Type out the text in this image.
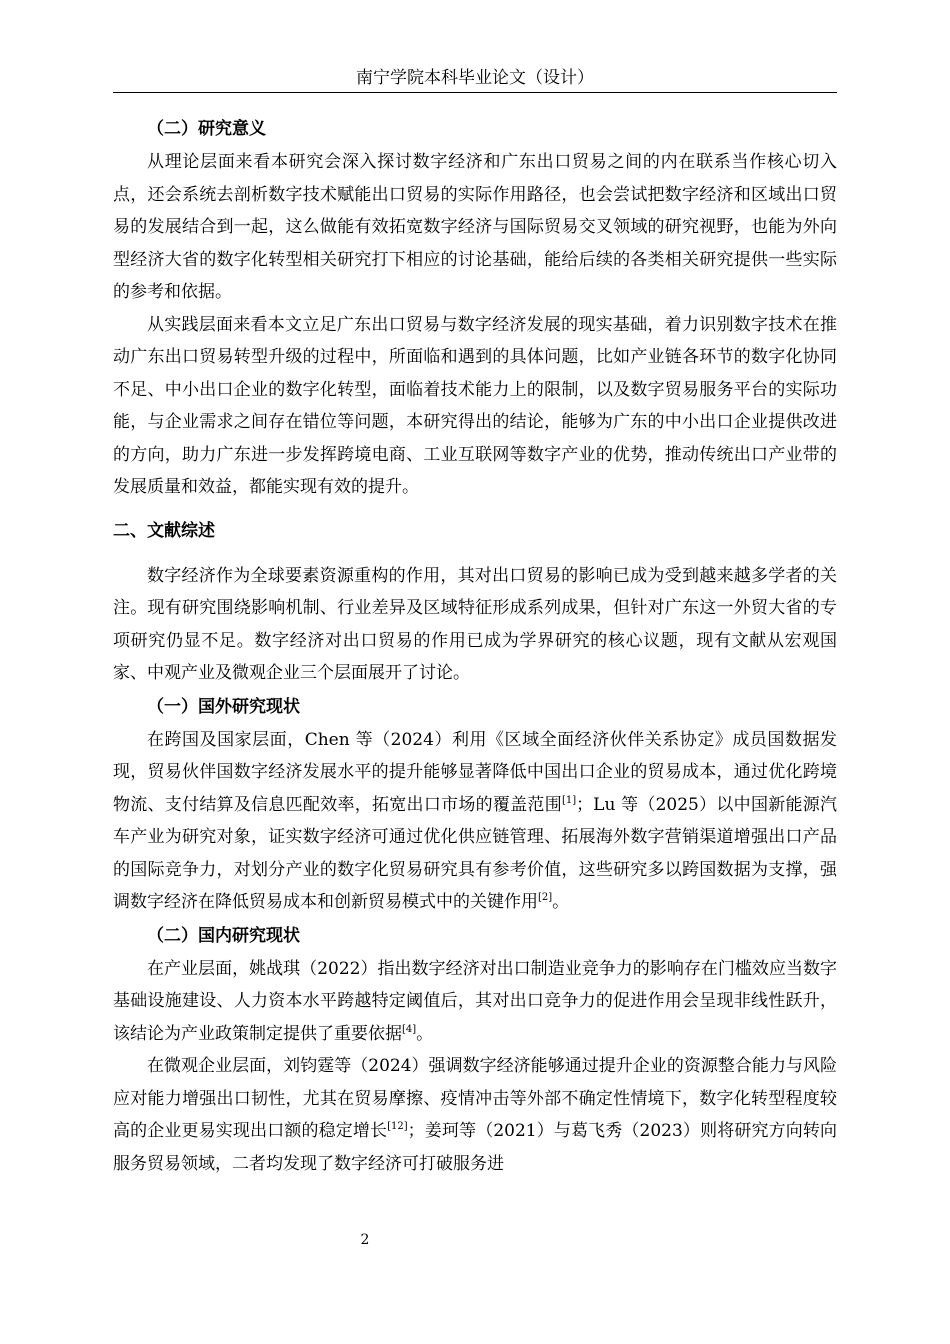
南宁学院本科毕业论文（设计）

（二）研究意义

从理论层面来看本研究会深入探讨数字经济和广东出口贸易之间的内在联系当作核心切入点，还会系统去剖析数字技术赋能出口贸易的实际作用路径，也会尝试把数字经济和区域出口贸易的发展结合到一起，这么做能有效拓宽数字经济与国际贸易交叉领域的研究视野，也能为外向型经济大省的数字化转型相关研究打下相应的讨论基础，能给后续的各类相关研究提供一些实际的参考和依据。

从实践层面来看本文立足广东出口贸易与数字经济发展的现实基础，着力识别数字技术在推动广东出口贸易转型升级的过程中，所面临和遇到的具体问题，比如产业链各环节的数字化协同不足、中小出口企业的数字化转型，面临着技术能力上的限制，以及数字贸易服务平台的实际功能，与企业需求之间存在错位等问题，本研究得出的结论，能够为广东的中小出口企业提供改进的方向，助力广东进一步发挥跨境电商、工业互联网等数字产业的优势，推动传统出口产业带的发展质量和效益，都能实现有效的提升。

二、文献综述

数字经济作为全球要素资源重构的作用，其对出口贸易的影响已成为受到越来越多学者的关注。现有研究围绕影响机制、行业差异及区域特征形成系列成果，但针对广东这一外贸大省的专项研究仍显不足。数字经济对出口贸易的作用已成为学界研究的核心议题，现有文献从宏观国家、中观产业及微观企业三个层面展开了讨论。

（一）国外研究现状

在跨国及国家层面，Chen 等（2024）利用《区域全面经济伙伴关系协定》成员国数据发现，贸易伙伴国数字经济发展水平的提升能够显著降低中国出口企业的贸易成本，通过优化跨境物流、支付结算及信息匹配效率，拓宽出口市场的覆盖范围[1]；Lu 等（2025）以中国新能源汽车产业为研究对象，证实数字经济可通过优化供应链管理、拓展海外数字营销渠道增强出口产品的国际竞争力，对划分产业的数字化贸易研究具有参考价值，这些研究多以跨国数据为支撑，强调数字经济在降低贸易成本和创新贸易模式中的关键作用[2]。

（二）国内研究现状

在产业层面，姚战琪（2022）指出数字经济对出口制造业竞争力的影响存在门槛效应当数字基础设施建设、人力资本水平跨越特定阈值后，其对出口竞争力的促进作用会呈现非线性跃升，该结论为产业政策制定提供了重要依据[4]。

在微观企业层面，刘钧霆等（2024）强调数字经济能够通过提升企业的资源整合能力与风险应对能力增强出口韧性，尤其在贸易摩擦、疫情冲击等外部不确定性情境下，数字化转型程度较高的企业更易实现出口额的稳定增长[12]；姜珂等（2021）与葛飞秀（2023）则将研究方向转向服务贸易领域，二者均发现了数字经济可打破服务进

2
